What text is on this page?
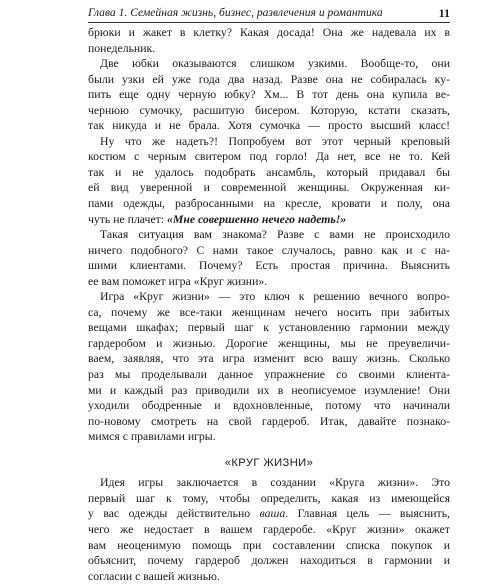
Глава 1. Семейная жизнь, бизнес, развлечения и романтика	11
брюки и жакет в клетку? Какая досада! Она же надевала их в
понедельник.
Две юбки оказываются слишком узкими. Вообще-то, они
были узки ей уже года два назад. Разве она не собиралась ку-
пить еще одну черную юбку? Хм... В тот день она купила ве-
чернюю сумочку, расшитую бисером. Которую, кстати сказать,
так никуда и не брала. Хотя сумочка — просто высший класс!
Ну что же надеть?! Попробуем вот этот черный креповый
костюм с черным свитером под горло! Да нет, все не то. Кей
так и не удалось подобрать ансамбль, который придавал бы
ей вид уверенной и современной женщины. Окруженная ки-
пами одежды, разбросанными на кресле, кровати и полу, она
чуть не плачет: «Мне совершенно нечего надеть!»
Такая ситуация вам знакома? Разве с вами не происходило
ничего подобного? С нами такое случалось, равно как и с на-
шими клиентами. Почему? Есть простая причина. Выяснить
ее вам поможет игра «Круг жизни».
Игра «Круг жизни» — это ключ к решению вечного вопро-
са, почему же все-таки женщинам нечего носить при забитых
вещами шкафах; первый шаг к установлению гармонии между
гардеробом и жизнью. Дорогие женщины, мы не преувеличи-
ваем, заявляя, что эта игра изменит всю вашу жизнь. Сколько
раз мы проделывали данное упражнение со своими клиента-
ми и каждый раз приводили их в неописуемое изумление! Они
уходили ободренные и вдохновленные, потому что начинали
по-новому смотреть на свой гардероб. Итак, давайте познако-
мимся с правилами игры.
«КРУГ ЖИЗНИ»
Идея игры заключается в создании «Круга жизни». Это
первый шаг к тому, чтобы определить, какая из имеющейся
у вас одежды действительно ваша. Главная цель — выяснить,
чего же недостает в вашем гардеробе. «Круг жизни» окажет
вам неоценимую помощь при составлении списка покупок и
объяснит, почему гардероб должен находиться в гармонии и
согласии с вашей жизнью.
